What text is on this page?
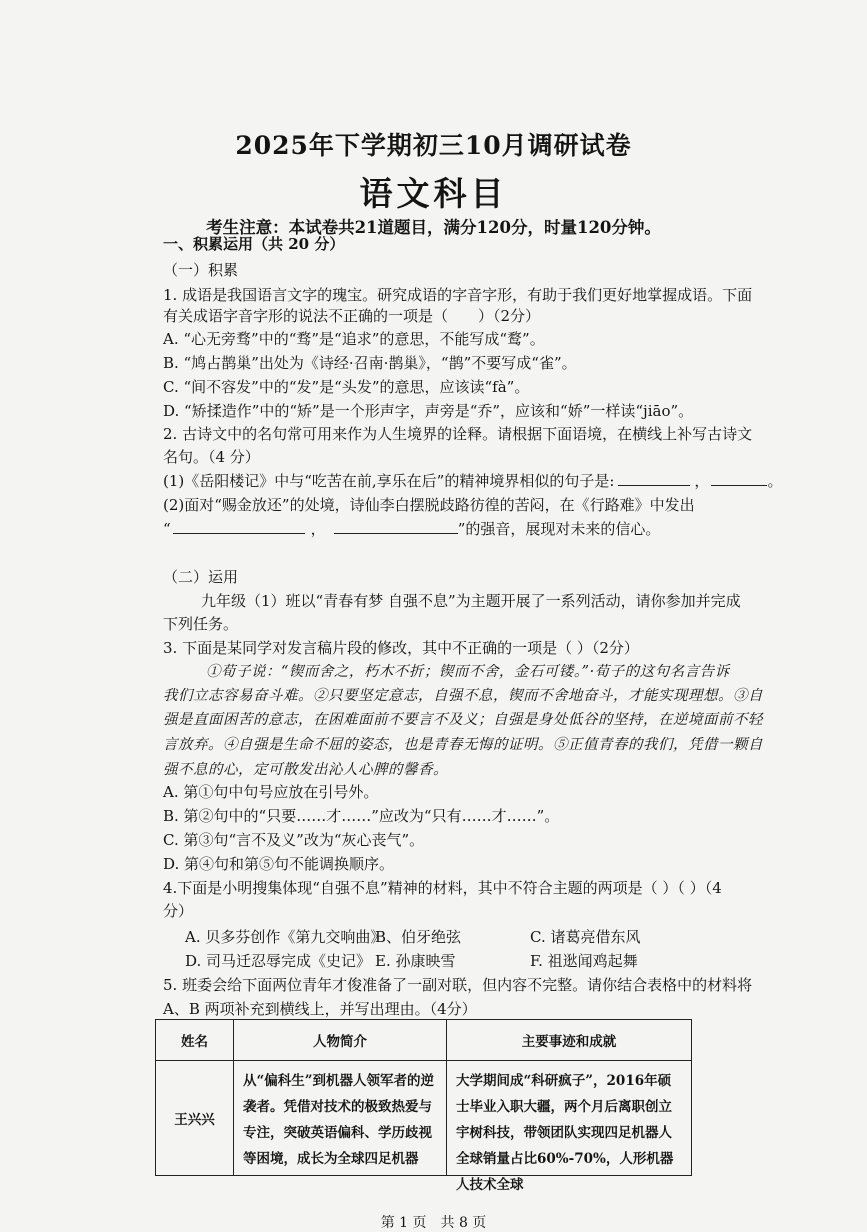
2025年下学期初三10月调研试卷
语文科目
考生注意：本试卷共21道题目，满分120分，时量120分钟。
一、积累运用（共 20 分）
（一）积累
1. 成语是我国语言文字的瑰宝。研究成语的字音字形，有助于我们更好地掌握成语。下面
有关成语字音字形的说法不正确的一项是（　　）（2分）
A. “心无旁骛”中的“骛”是“追求”的意思，不能写成“鹜”。
B. “鸠占鹊巢”出处为《诗经·召南·鹊巢》，“鹊”不要写成“雀”。
C. “间不容发”中的“发”是“头发”的意思，应该读“fà”。
D. “矫揉造作”中的“矫”是一个形声字，声旁是“乔”，应该和“娇”一样读“jiāo”。
2. 古诗文中的名句常可用来作为人生境界的诠释。请根据下面语境，在横线上补写古诗文
名句。（4 分）
(1)《岳阳楼记》中与“吃苦在前,享乐在后”的精神境界相似的句子是:	，	。
(2)面对“赐金放还”的处境，诗仙李白摆脱歧路彷徨的苦闷，在《行路难》中发出
“	，	”的强音，展现对未来的信心。
（二）运用
九年级（1）班以“青春有梦 自强不息”为主题开展了一系列活动，请你参加并完成
下列任务。
3. 下面是某同学对发言稿片段的修改，其中不正确的一项是（ ）（2分）
①荀子说：“锲而舍之，朽木不折；锲而不舍，金石可镂。”·荀子的这句名言告诉
我们立志容易奋斗难。②只要坚定意志，自强不息，锲而不舍地奋斗，才能实现理想。③自
强是直面困苦的意志，在困难面前不要言不及义；自强是身处低谷的坚持，在逆境面前不轻
言放弃。④自强是生命不屈的姿态，也是青春无悔的证明。⑤正值青春的我们，凭借一颗自
强不息的心，定可散发出沁人心脾的馨香。
A. 第①句中句号应放在引号外。
B. 第②句中的“只要……才……”应改为“只有……才……”。
C. 第③句“言不及义”改为“灰心丧气”。
D. 第④句和第⑤句不能调换顺序。
4.下面是小明搜集体现“自强不息”精神的材料，其中不符合主题的两项是（ ）（ ）（4
分）
A. 贝多芬创作《第九交响曲》
B、伯牙绝弦	C. 诸葛亮借东风
D. 司马迁忍辱完成《史记》 E. 孙康映雪	F. 祖逖闻鸡起舞
5. 班委会给下面两位青年才俊准备了一副对联，但内容不完整。请你结合表格中的材料将
A、B 两项补充到横线上，并写出理由。（4分）
姓名	人物简介	主要事迹和成就
王兴兴	从“偏科生”到机器人领军者的逆袭者。凭借对技术的极致热爱与专注，突破英语偏科、学历歧视等困境，成长为全球四足机器	大学期间成“科研疯子”，2016年硕士毕业入职大疆，两个月后离职创立宇树科技，带领团队实现四足机器人全球销量占比60%-70%，人形机器人技术全球
第 1 页　共 8 页
